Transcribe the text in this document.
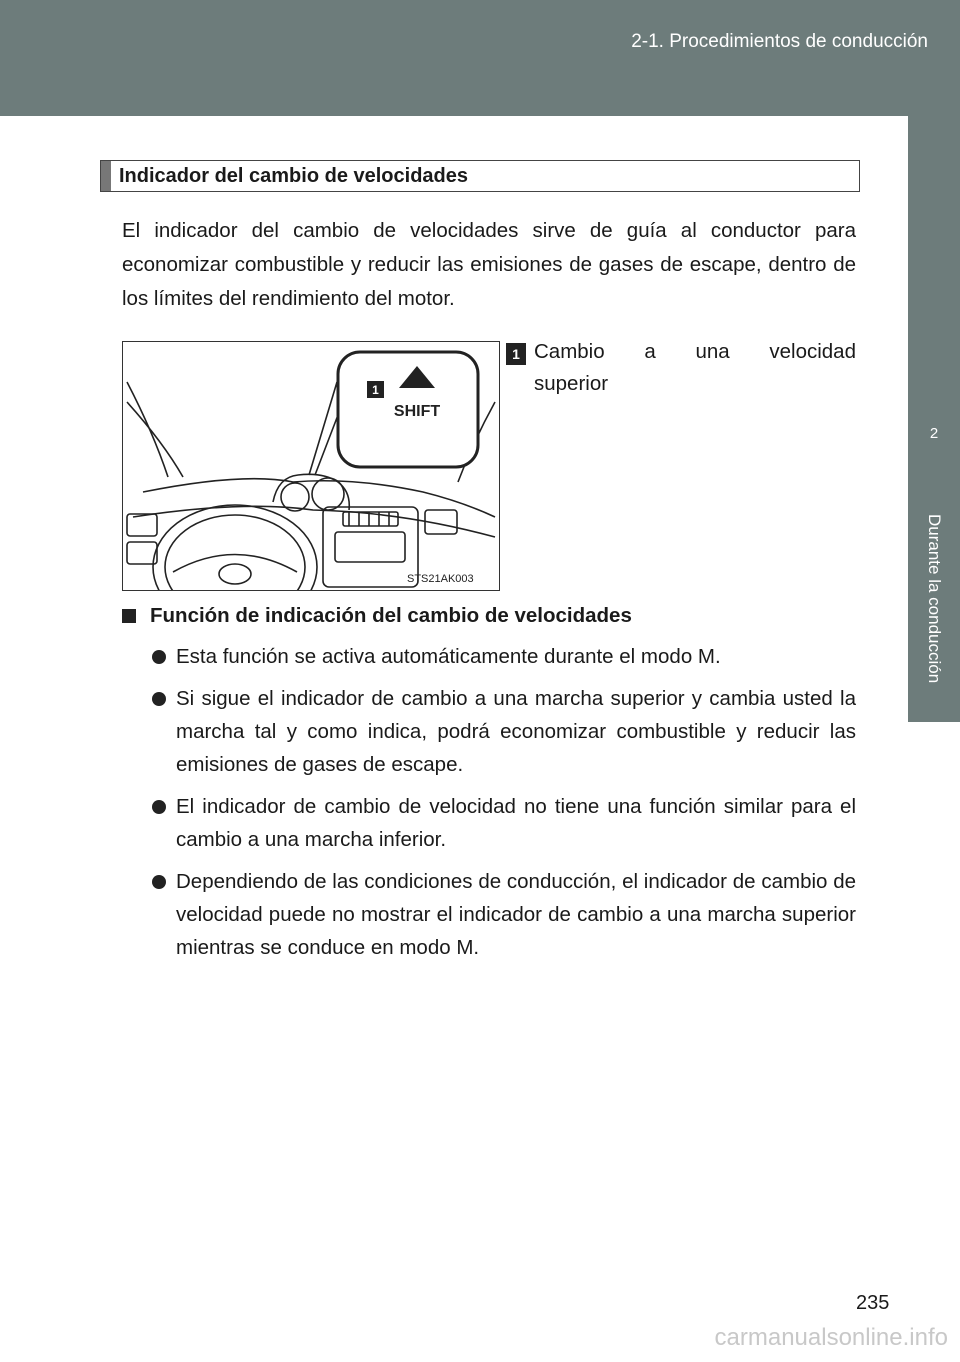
2-1. Procedimientos de conducción
2
Durante la conducción
Indicador del cambio de velocidades

El indicador del cambio de velocidades sirve de guía al conductor para economizar combustible y reducir las emisiones de gases de escape, dentro de los límites del rendimiento del motor.

1
SHIFT
STS21AK003
1 Cambio a una velocidad
superior
Función de indicación del cambio de velocidades
Esta función se activa automáticamente durante el modo M.
Si sigue el indicador de cambio a una marcha superior y cambia usted la marcha tal y como indica, podrá economizar combustible y reducir las emisiones de gases de escape.
El indicador de cambio de velocidad no tiene una función similar para el cambio a una marcha inferior.
Dependiendo de las condiciones de conducción, el indicador de cambio de velocidad puede no mostrar el indicador de cambio a una marcha superior mientras se conduce en modo M.
235
carmanualsonline.info
